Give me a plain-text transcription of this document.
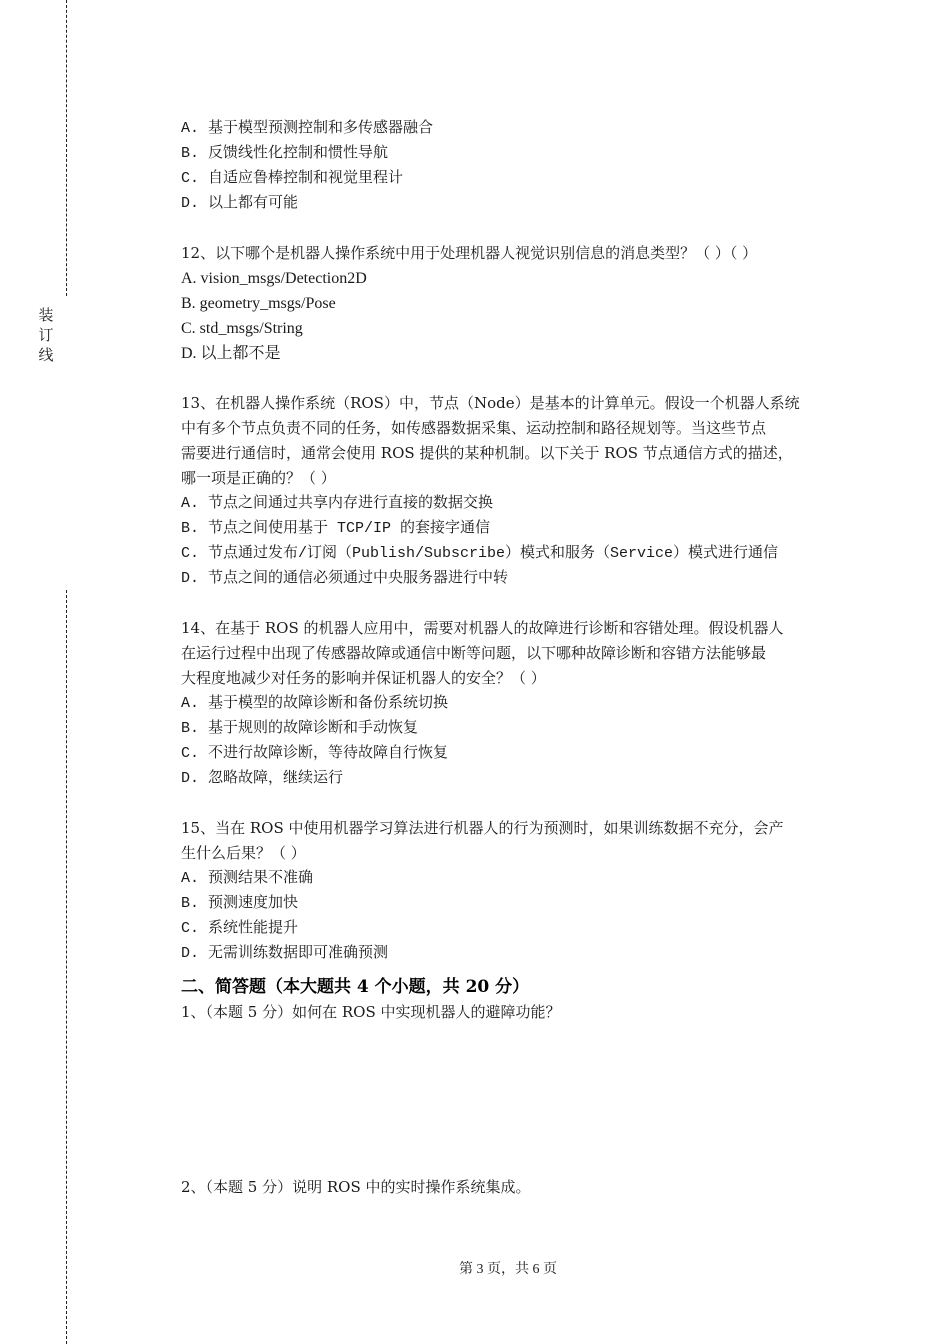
装
订
线
A. 基于模型预测控制和多传感器融合
B. 反馈线性化控制和惯性导航
C. 自适应鲁棒控制和视觉里程计
D. 以上都有可能
12、以下哪个是机器人操作系统中用于处理机器人视觉识别信息的消息类型？（ ）（ ）
A. vision_msgs/Detection2D
B. geometry_msgs/Pose
C. std_msgs/String
D. 以上都不是
13、在机器人操作系统（ROS）中，节点（Node）是基本的计算单元。假设一个机器人系统
中有多个节点负责不同的任务，如传感器数据采集、运动控制和路径规划等。当这些节点
需要进行通信时，通常会使用 ROS 提供的某种机制。以下关于 ROS 节点通信方式的描述，
哪一项是正确的？（ ）
A. 节点之间通过共享内存进行直接的数据交换
B. 节点之间使用基于 TCP/IP 的套接字通信
C. 节点通过发布/订阅（Publish/Subscribe）模式和服务（Service）模式进行通信
D. 节点之间的通信必须通过中央服务器进行中转
14、在基于 ROS 的机器人应用中，需要对机器人的故障进行诊断和容错处理。假设机器人
在运行过程中出现了传感器故障或通信中断等问题，以下哪种故障诊断和容错方法能够最
大程度地减少对任务的影响并保证机器人的安全？（ ）
A. 基于模型的故障诊断和备份系统切换
B. 基于规则的故障诊断和手动恢复
C. 不进行故障诊断，等待故障自行恢复
D. 忽略故障，继续运行
15、当在 ROS 中使用机器学习算法进行机器人的行为预测时，如果训练数据不充分，会产
生什么后果？（ ）
A. 预测结果不准确
B. 预测速度加快
C. 系统性能提升
D. 无需训练数据即可准确预测
二、简答题（本大题共 4 个小题，共 20 分）
1、（本题 5 分）如何在 ROS 中实现机器人的避障功能？
2、（本题 5 分）说明 ROS 中的实时操作系统集成。
第 3 页，共 6 页
